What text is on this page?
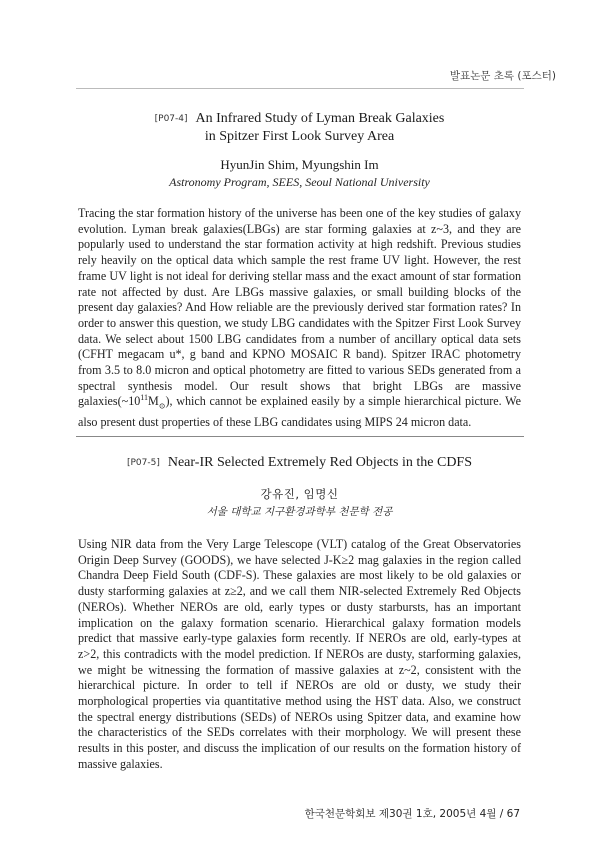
발표논문 초록 (포스터)
[P07-4] An Infrared Study of Lyman Break Galaxies
in Spitzer First Look Survey Area
HyunJin Shim, Myungshin Im
Astronomy Program, SEES, Seoul National University
Tracing the star formation history of the universe has been one of the key studies of galaxy evolution. Lyman break galaxies(LBGs) are star forming galaxies at z~3, and they are popularly used to understand the star formation activity at high redshift. Previous studies rely heavily on the optical data which sample the rest frame UV light. However, the rest frame UV light is not ideal for deriving stellar mass and the exact amount of star formation rate not affected by dust. Are LBGs massive galaxies, or small building blocks of the present day galaxies? And How reliable are the previously derived star formation rates? In order to answer this question, we study LBG candidates with the Spitzer First Look Survey data. We select about 1500 LBG candidates from a number of ancillary optical data sets (CFHT megacam u*, g band and KPNO MOSAIC R band). Spitzer IRAC photometry from 3.5 to 8.0 micron and optical photometry are fitted to various SEDs generated from a spectral synthesis model. Our result shows that bright LBGs are massive $galaxies(\sim 10^{11}M_⊙)$, which cannot be explained easily by a simple hierarchical picture. We also present dust properties of these LBG candidates using MIPS 24 micron data.
[P07-5] Near-IR Selected Extremely Red Objects in the CDFS
강유진, 임명신
서울 대학교 지구환경과학부 천문학 전공
Using NIR data from the Very Large Telescope (VLT) catalog of the Great Observatories Origin Deep Survey (GOODS), we have selected J-K≥2 mag galaxies in the region called Chandra Deep Field South (CDF-S). These galaxies are most likely to be old galaxies or dusty starforming galaxies at z≥2, and we call them NIR-selected Extremely Red Objects (NEROs). Whether NEROs are old, early types or dusty starbursts, has an important implication on the galaxy formation scenario. Hierarchical galaxy formation models predict that massive early-type galaxies form recently. If NEROs are old, early-types at z>2, this contradicts with the model prediction. If NEROs are dusty, starforming galaxies, we might be witnessing the formation of massive galaxies at z~2, consistent with the hierarchical picture. In order to tell if NEROs are old or dusty, we study their morphological properties via quantitative method using the HST data. Also, we construct the spectral energy distributions (SEDs) of NEROs using Spitzer data, and examine how the characteristics of the SEDs correlates with their morphology. We will present these results in this poster, and discuss the implication of our results on the formation history of massive galaxies.
한국천문학회보 제30권 1호, 2005년 4월 / 67
